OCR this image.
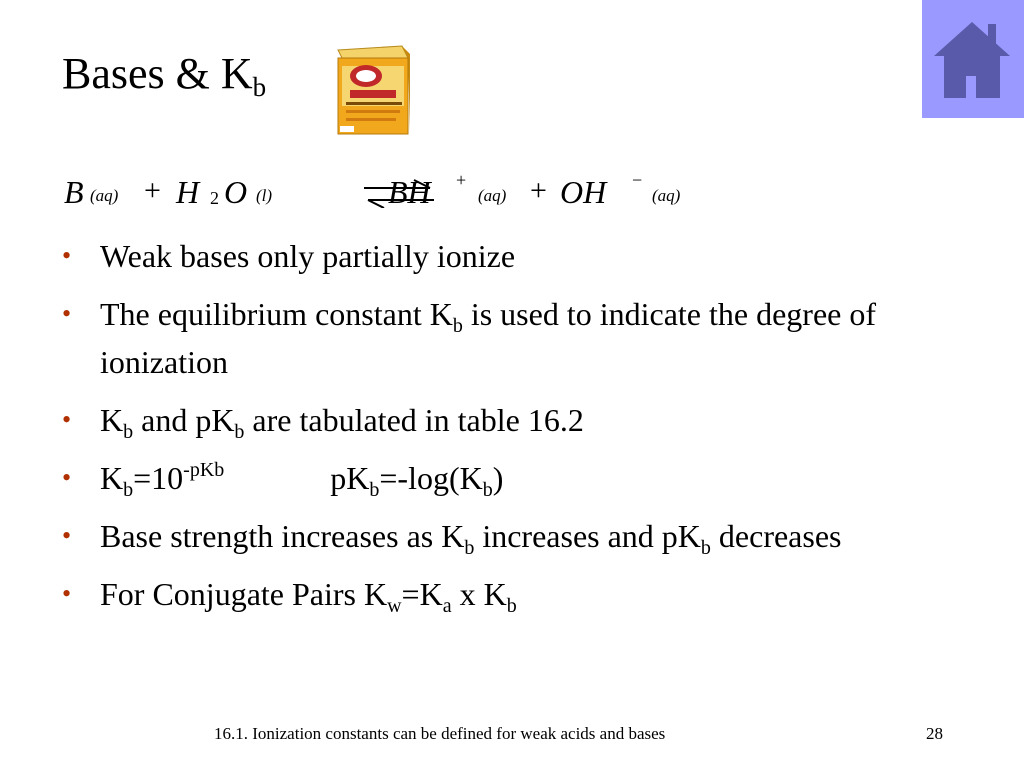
Bases & $K_b$
B (aq) + H 2 O (l)	BH +
(aq) + OH −
(aq)
• Weak bases only partially ionize
• The equilibrium constant $K_b$ is used to indicate the degree of ionization
• $K_b$ and $pK_b$ are tabulated in table 16.2
• $K_b=10^{-pKb}$	$pK_b=-\log(K_b)$
• Base strength increases as $K_b$ increases and $pK_b$ decreases
• For Conjugate Pairs $K_w=K_a$ x $K_b$
16.1. Ionization constants can be defined for weak acids and bases	28
